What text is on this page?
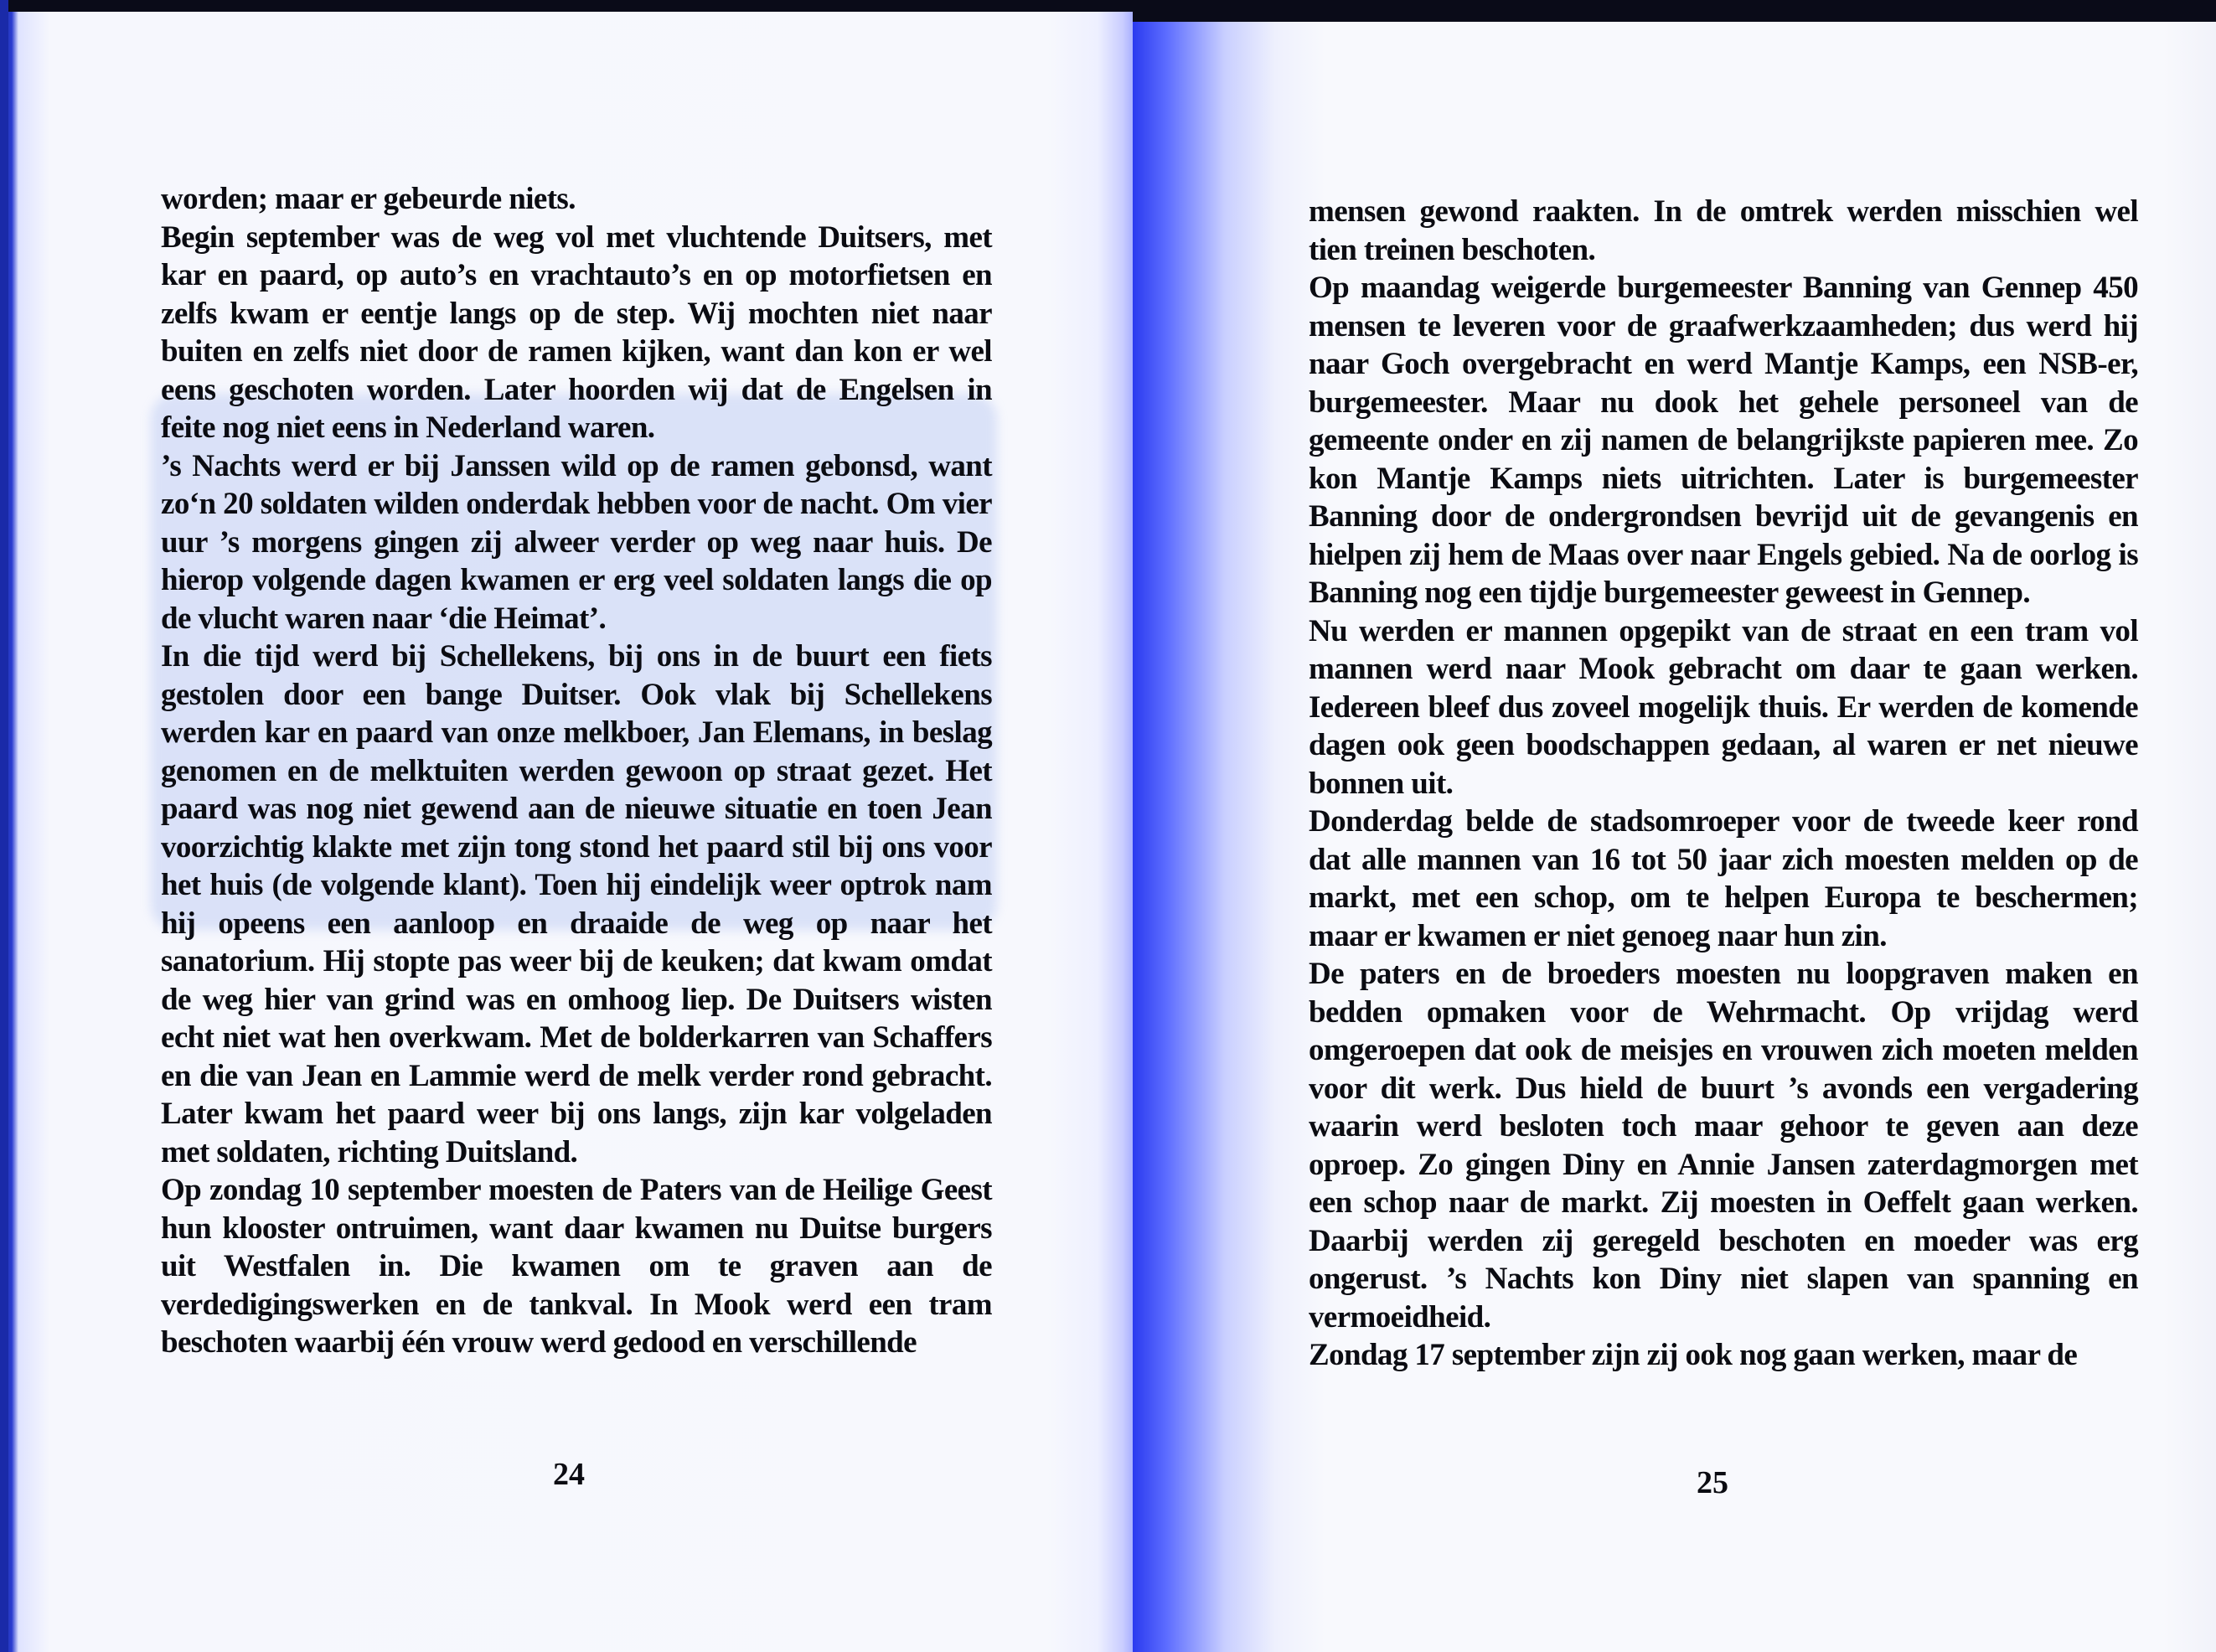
worden; maar er gebeurde niets.

Begin september was de weg vol met vluchtende Duitsers, met kar en paard, op auto’s en vrachtauto’s en op motorfietsen en zelfs kwam er eentje langs op de step. Wij mochten niet naar buiten en zelfs niet door de ramen kijken, want dan kon er wel eens geschoten worden. Later hoorden wij dat de Engelsen in feite nog niet eens in Nederland waren.

’s Nachts werd er bij Janssen wild op de ramen gebonsd, want zo‘n 20 soldaten wilden onderdak hebben voor de nacht. Om vier uur ’s morgens gingen zij alweer verder op weg naar huis. De hierop volgende dagen kwamen er erg veel soldaten langs die op de vlucht waren naar ‘die Heimat’.

In die tijd werd bij Schellekens, bij ons in de buurt een fiets gestolen door een bange Duitser. Ook vlak bij Schellekens werden kar en paard van onze melkboer, Jan Elemans, in beslag genomen en de melktuiten werden gewoon op straat gezet. Het paard was nog niet gewend aan de nieuwe situatie en toen Jean voorzichtig klakte met zijn tong stond het paard stil bij ons voor het huis (de volgende klant). Toen hij eindelijk weer optrok nam hij opeens een aanloop en draaide de weg op naar het sanatorium. Hij stopte pas weer bij de keuken; dat kwam omdat de weg hier van grind was en omhoog liep. De Duitsers wisten echt niet wat hen overkwam. Met de bolderkarren van Schaffers en die van Jean en Lammie werd de melk verder rond gebracht. Later kwam het paard weer bij ons langs, zijn kar volgeladen met soldaten, richting Duitsland.

Op zondag 10 september moesten de Paters van de Heilige Geest hun klooster ontruimen, want daar kwamen nu Duitse burgers uit Westfalen in. Die kwamen om te graven aan de verdedigingswerken en de tankval. In Mook werd een tram beschoten waarbij één vrouw werd gedood en verschillende

24

mensen gewond raakten. In de omtrek werden misschien wel tien treinen beschoten.

Op maandag weigerde burgemeester Banning van Gennep 450 mensen te leveren voor de graafwerkzaamheden; dus werd hij naar Goch overgebracht en werd Mantje Kamps, een NSB-er, burgemeester. Maar nu dook het gehele personeel van de gemeente onder en zij namen de belangrijkste papieren mee. Zo kon Mantje Kamps niets uitrichten. Later is burgemeester Banning door de ondergrondsen bevrijd uit de gevangenis en hielpen zij hem de Maas over naar Engels gebied. Na de oorlog is Banning nog een tijdje burgemeester geweest in Gennep.

Nu werden er mannen opgepikt van de straat en een tram vol mannen werd naar Mook gebracht om daar te gaan werken. Iedereen bleef dus zoveel mogelijk thuis. Er werden de komende dagen ook geen boodschappen gedaan, al waren er net nieuwe bonnen uit.

Donderdag belde de stadsomroeper voor de tweede keer rond dat alle mannen van 16 tot 50 jaar zich moesten melden op de markt, met een schop, om te helpen Europa te beschermen; maar er kwamen er niet genoeg naar hun zin.

De paters en de broeders moesten nu loopgraven maken en bedden opmaken voor de Wehrmacht. Op vrijdag werd omgeroepen dat ook de meisjes en vrouwen zich moeten melden voor dit werk. Dus hield de buurt ’s avonds een vergadering waarin werd besloten toch maar gehoor te geven aan deze oproep. Zo gingen Diny en Annie Jansen zaterdagmorgen met een schop naar de markt. Zij moesten in Oeffelt gaan werken. Daarbij werden zij geregeld beschoten en moeder was erg ongerust. ’s Nachts kon Diny niet slapen van spanning en vermoeidheid.

Zondag 17 september zijn zij ook nog gaan werken, maar de

25
